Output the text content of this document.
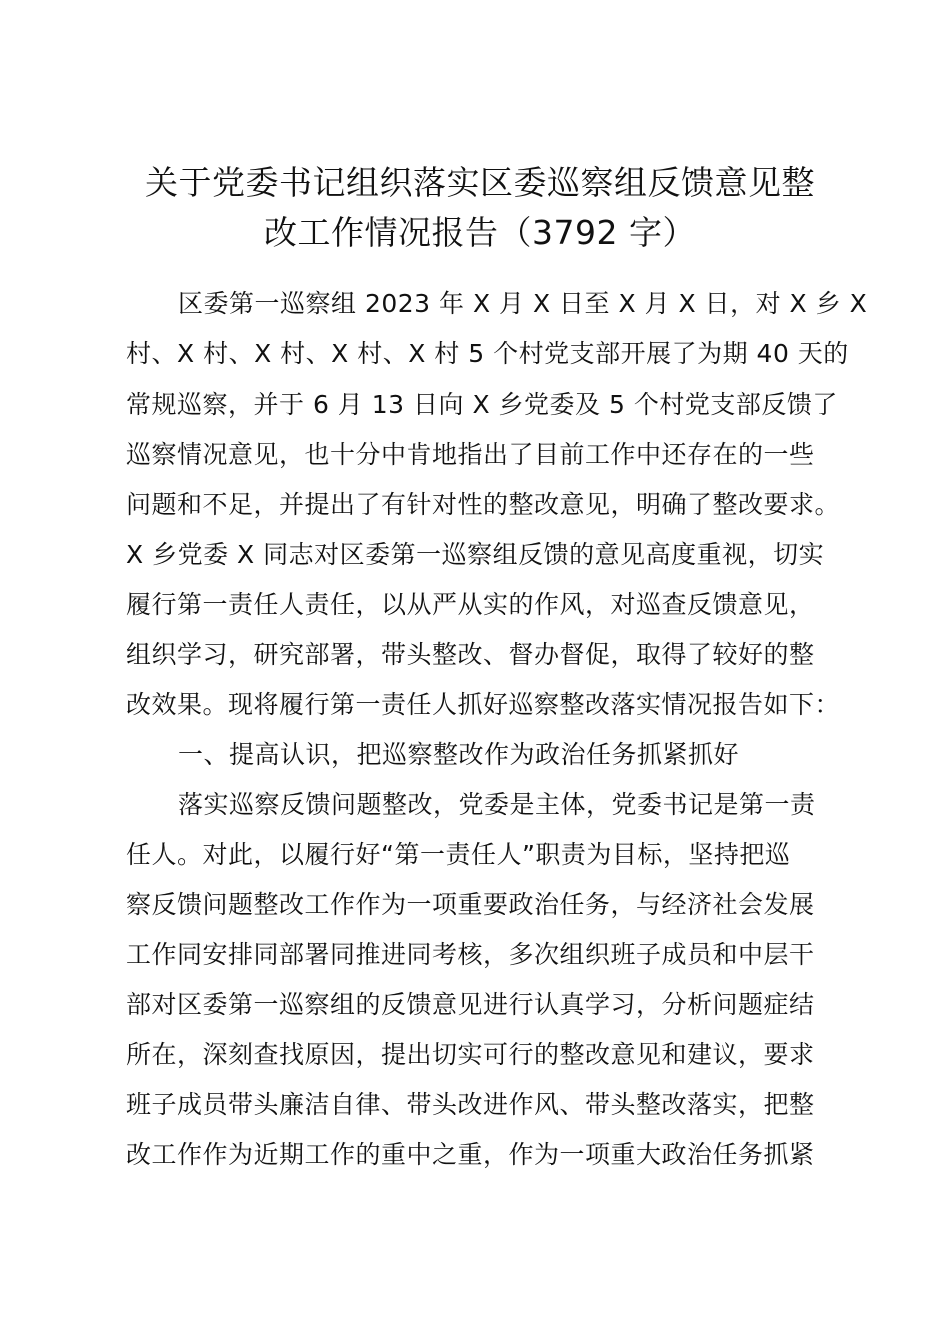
关于党委书记组织落实区委巡察组反馈意见整
改工作情况报告（3792 字）
区委第一巡察组 2023 年 X 月 X 日至 X 月 X 日，对 X 乡 X
村、X 村、X 村、X 村、X 村 5 个村党支部开展了为期 40 天的
常规巡察，并于 6 月 13 日向 X 乡党委及 5 个村党支部反馈了
巡察情况意见，也十分中肯地指出了目前工作中还存在的一些
问题和不足，并提出了有针对性的整改意见，明确了整改要求。
X 乡党委 X 同志对区委第一巡察组反馈的意见高度重视，切实
履行第一责任人责任，以从严从实的作风，对巡查反馈意见，
组织学习，研究部署，带头整改、督办督促，取得了较好的整
改效果。现将履行第一责任人抓好巡察整改落实情况报告如下：
一、提高认识，把巡察整改作为政治任务抓紧抓好
落实巡察反馈问题整改，党委是主体，党委书记是第一责
任人。对此，以履行好“第一责任人”职责为目标，坚持把巡
察反馈问题整改工作作为一项重要政治任务，与经济社会发展
工作同安排同部署同推进同考核，多次组织班子成员和中层干
部对区委第一巡察组的反馈意见进行认真学习，分析问题症结
所在，深刻查找原因，提出切实可行的整改意见和建议，要求
班子成员带头廉洁自律、带头改进作风、带头整改落实，把整
改工作作为近期工作的重中之重，作为一项重大政治任务抓紧
